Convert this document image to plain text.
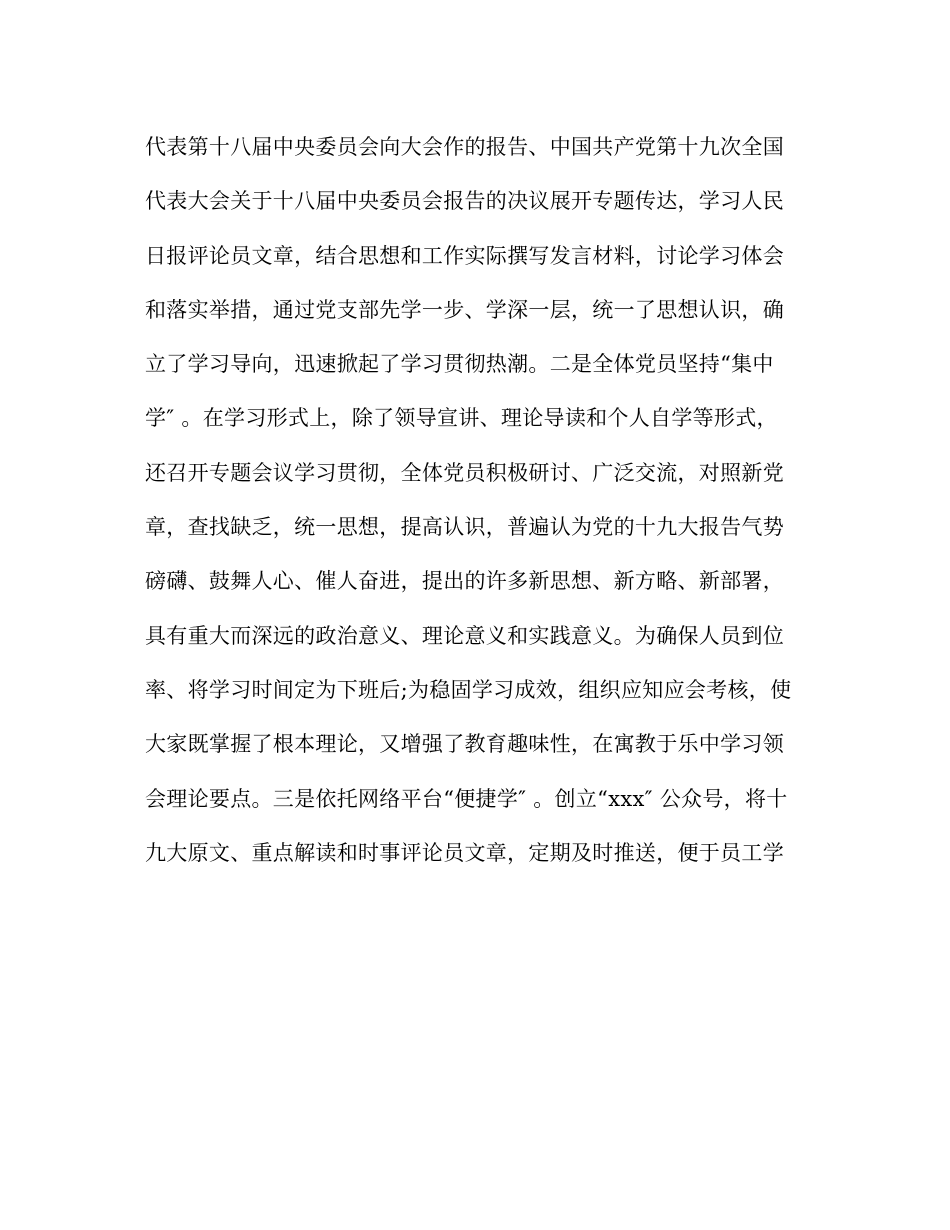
代表第十八届中央委员会向大会作的报告、中国共产党第十九次全国
代表大会关于十八届中央委员会报告的决议展开专题传达，学习人民
日报评论员文章，结合思想和工作实际撰写发言材料，讨论学习体会
和落实举措，通过党支部先学一步、学深一层，统一了思想认识，确
立了学习导向，迅速掀起了学习贯彻热潮。二是全体党员坚持“集中
学″ 。在学习形式上，除了领导宣讲、理论导读和个人自学等形式，
还召开专题会议学习贯彻，全体党员积极研讨、广泛交流，对照新党
章，查找缺乏，统一思想，提高认识，普遍认为党的十九大报告气势
磅礴、鼓舞人心、催人奋进，提出的许多新思想、新方略、新部署，
具有重大而深远的政治意义、理论意义和实践意义。为确保人员到位
率、将学习时间定为下班后;为稳固学习成效，组织应知应会考核，使
大家既掌握了根本理论，又增强了教育趣味性，在寓教于乐中学习领
会理论要点。三是依托网络平台“便捷学″ 。创立“xxx″ 公众号，将十
九大原文、重点解读和时事评论员文章，定期及时推送，便于员工学
